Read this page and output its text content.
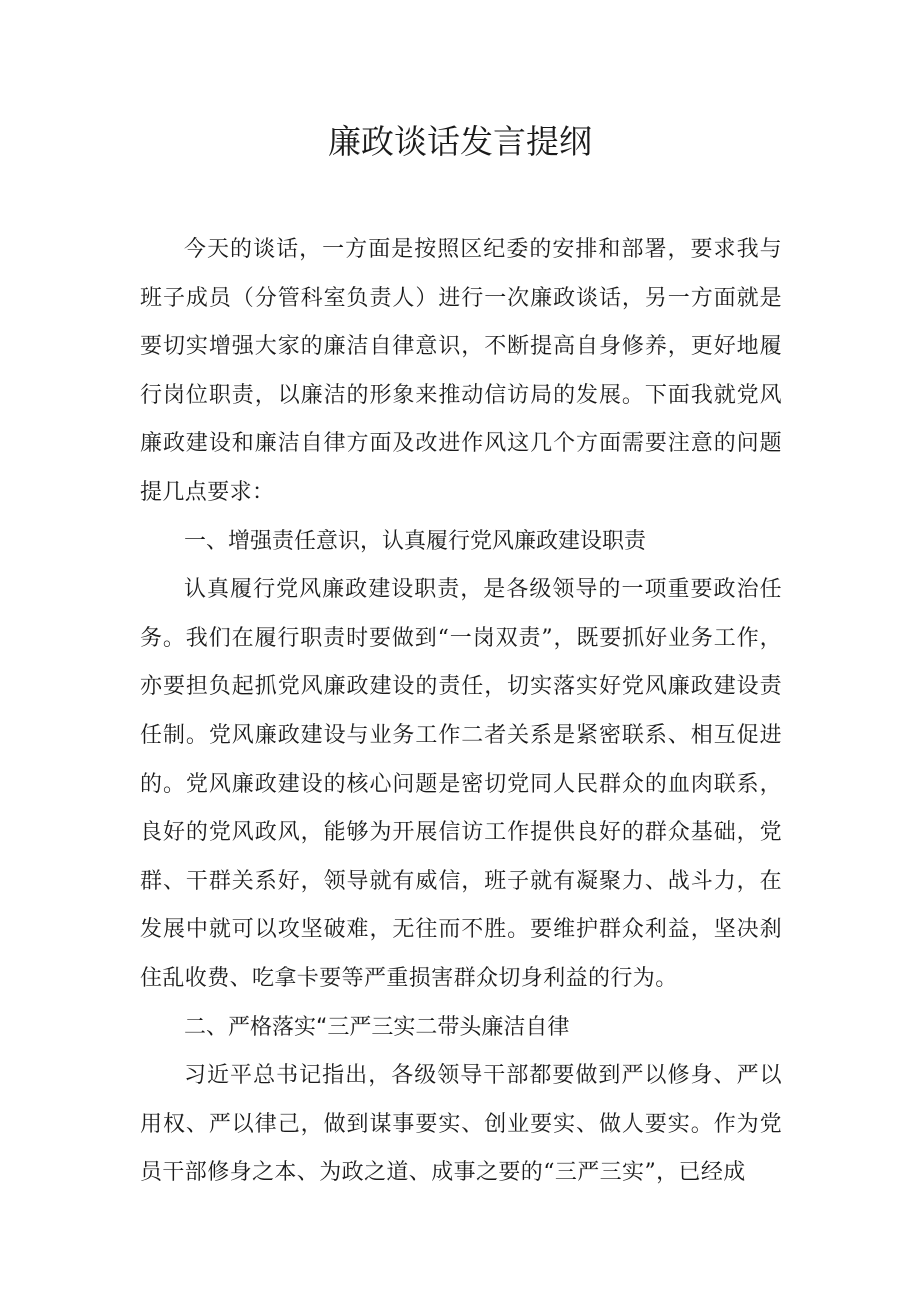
廉政谈话发言提纲

今天的谈话，一方面是按照区纪委的安排和部署，要求我与班子成员（分管科室负责人）进行一次廉政谈话，另一方面就是要切实增强大家的廉洁自律意识，不断提高自身修养，更好地履行岗位职责，以廉洁的形象来推动信访局的发展。下面我就党风廉政建设和廉洁自律方面及改进作风这几个方面需要注意的问题提几点要求：

一、增强责任意识，认真履行党风廉政建设职责

认真履行党风廉政建设职责，是各级领导的一项重要政治任务。我们在履行职责时要做到“一岗双责”，既要抓好业务工作，亦要担负起抓党风廉政建设的责任，切实落实好党风廉政建设责任制。党风廉政建设与业务工作二者关系是紧密联系、相互促进的。党风廉政建设的核心问题是密切党同人民群众的血肉联系，良好的党风政风，能够为开展信访工作提供良好的群众基础，党群、干群关系好，领导就有威信，班子就有凝聚力、战斗力，在发展中就可以攻坚破难，无往而不胜。要维护群众利益，坚决刹住乱收费、吃拿卡要等严重损害群众切身利益的行为。

二、严格落实“三严三实二带头廉洁自律

习近平总书记指出，各级领导干部都要做到严以修身、严以用权、严以律己，做到谋事要实、创业要实、做人要实。作为党员干部修身之本、为政之道、成事之要的“三严三实”，已经成
